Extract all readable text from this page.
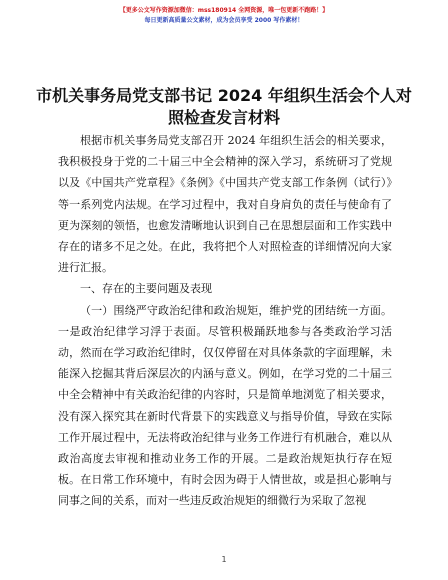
【更多公文写作资源加微信：mss180914 全网资源，唯一包更新不跑路！】
每日更新高质量公文素材，成为会员享受 2000 写作素材！
市机关事务局党支部书记 2024 年组织生活会个人对照检查发言材料

根据市机关事务局党支部召开 2024 年组织生活会的相关要求，我积极投身于党的二十届三中全会精神的深入学习，系统研习了党规以及《中国共产党章程》《条例》《中国共产党支部工作条例（试行）》等一系列党内法规。在学习过程中，我对自身肩负的责任与使命有了更为深刻的领悟，也愈发清晰地认识到自己在思想层面和工作实践中存在的诸多不足之处。在此，我将把个人对照检查的详细情况向大家进行汇报。

一、存在的主要问题及表现

（一）围绕严守政治纪律和政治规矩，维护党的团结统一方面。一是政治纪律学习浮于表面。尽管积极踊跃地参与各类政治学习活动，然而在学习政治纪律时，仅仅停留在对具体条款的字面理解，未能深入挖掘其背后深层次的内涵与意义。例如，在学习党的二十届三中全会精神中有关政治纪律的内容时，只是简单地浏览了相关要求，没有深入探究其在新时代背景下的实践意义与指导价值，导致在实际工作开展过程中，无法将政治纪律与业务工作进行有机融合，难以从政治高度去审视和推动业务工作的开展。二是政治规矩执行存在短板。在日常工作环境中，有时会因为碍于人情世故，或是担心影响与同事之间的关系，而对一些违反政治规矩的细微行为采取了忽视

1
